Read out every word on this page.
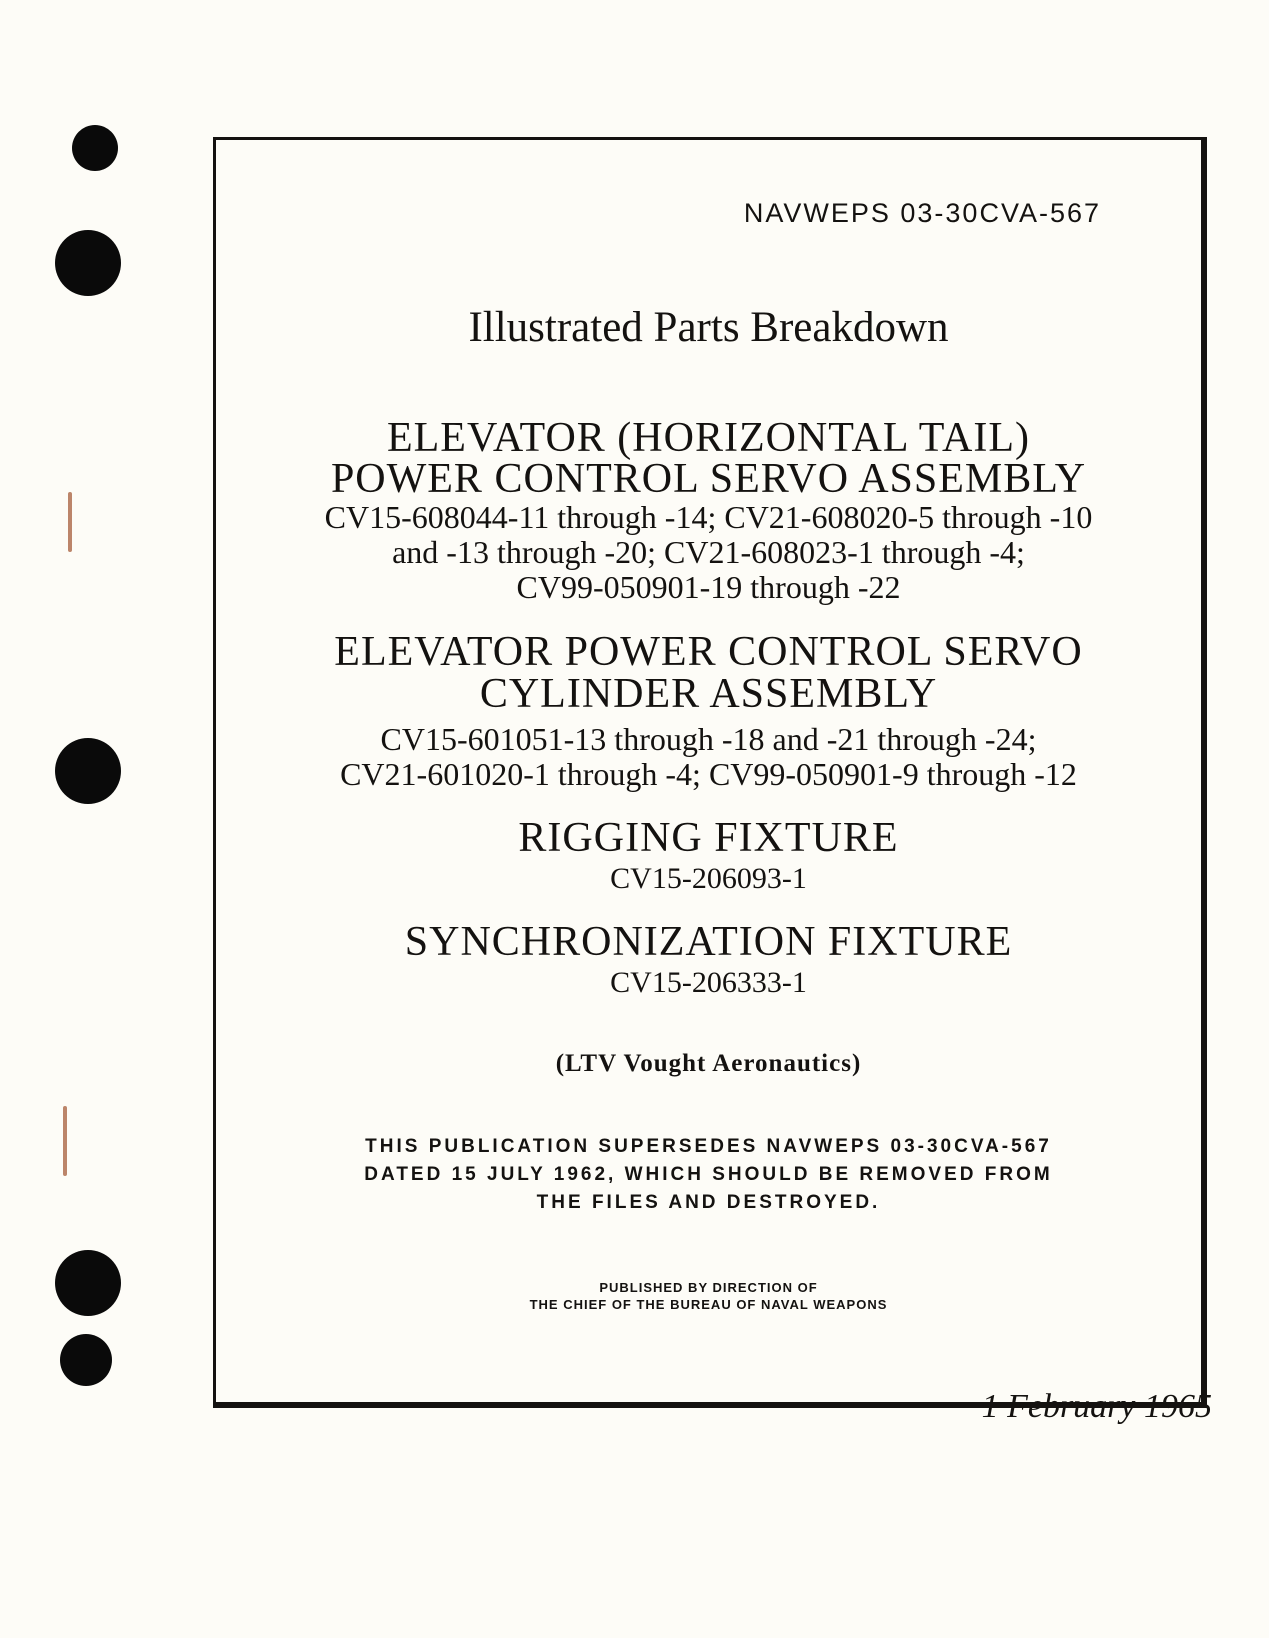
NAVWEPS 03-30CVA-567
Illustrated Parts Breakdown
ELEVATOR (HORIZONTAL TAIL)
POWER CONTROL SERVO ASSEMBLY
CV15-608044-11 through -14; CV21-608020-5 through -10
and -13 through -20; CV21-608023-1 through -4;
CV99-050901-19 through -22
ELEVATOR POWER CONTROL SERVO
CYLINDER ASSEMBLY
CV15-601051-13 through -18 and -21 through -24;
CV21-601020-1 through -4; CV99-050901-9 through -12
RIGGING FIXTURE
CV15-206093-1
SYNCHRONIZATION FIXTURE
CV15-206333-1
(LTV Vought Aeronautics)
THIS PUBLICATION SUPERSEDES NAVWEPS 03-30CVA-567
DATED 15 JULY 1962, WHICH SHOULD BE REMOVED FROM
THE FILES AND DESTROYED.
PUBLISHED BY DIRECTION OF
THE CHIEF OF THE BUREAU OF NAVAL WEAPONS
1 February 1965
